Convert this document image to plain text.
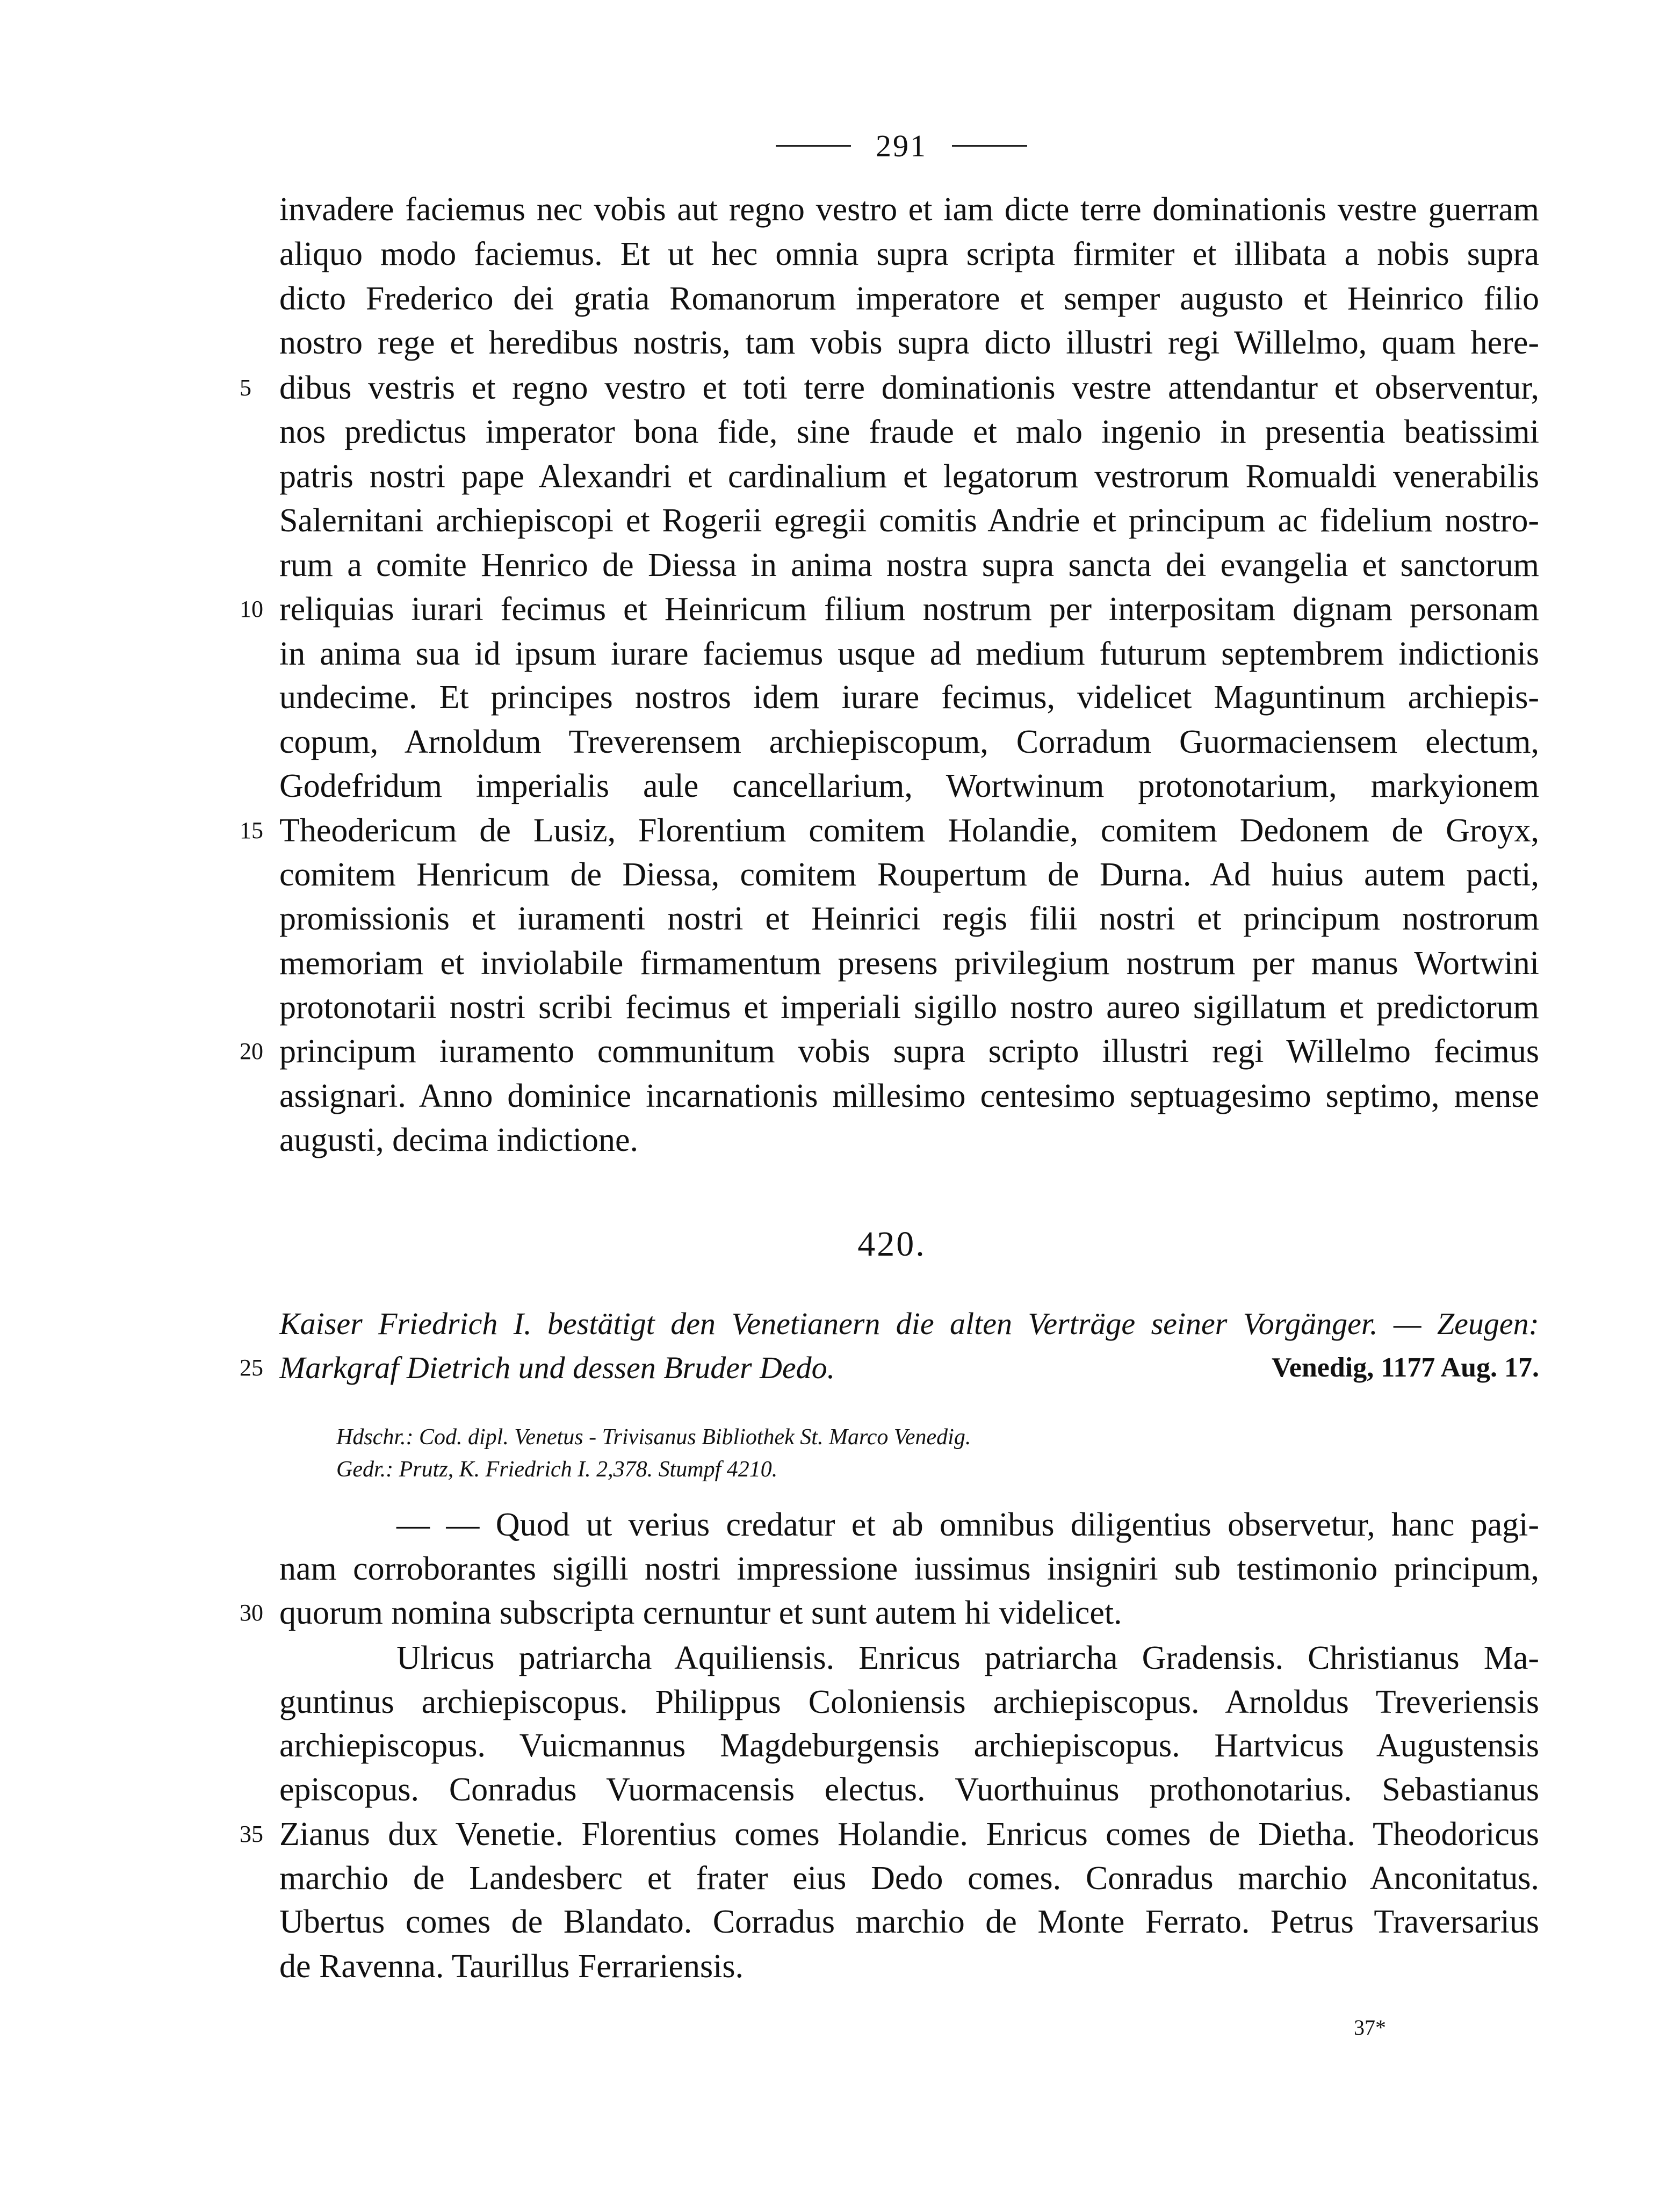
291
invadere faciemus nec vobis aut regno vestro et iam dicte terre dominationis vestre guerram
aliquo modo faciemus. Et ut hec omnia supra scripta firmiter et illibata a nobis supra
dicto Frederico dei gratia Romanorum imperatore et semper augusto et Heinrico filio
nostro rege et heredibus nostris, tam vobis supra dicto illustri regi Willelmo, quam here-
dibus vestris et regno vestro et toti terre dominationis vestre attendantur et observentur,
nos predictus imperator bona fide, sine fraude et malo ingenio in presentia beatissimi
patris nostri pape Alexandri et cardinalium et legatorum vestrorum Romualdi venerabilis
Salernitani archiepiscopi et Rogerii egregii comitis Andrie et principum ac fidelium nostro-
rum a comite Henrico de Diessa in anima nostra supra sancta dei evangelia et sanctorum
reliquias iurari fecimus et Heinricum filium nostrum per interpositam dignam personam
in anima sua id ipsum iurare faciemus usque ad medium futurum septembrem indictionis
undecime. Et principes nostros idem iurare fecimus, videlicet Maguntinum archiepis-
copum, Arnoldum Treverensem archiepiscopum, Corradum Guormaciensem electum,
Godefridum imperialis aule cancellarium, Wortwinum protonotarium, markyionem
Theodericum de Lusiz, Florentium comitem Holandie, comitem Dedonem de Groyx,
comitem Henricum de Diessa, comitem Roupertum de Durna. Ad huius autem pacti,
promissionis et iuramenti nostri et Heinrici regis filii nostri et principum nostrorum
memoriam et inviolabile firmamentum presens privilegium nostrum per manus Wortwini
protonotarii nostri scribi fecimus et imperiali sigillo nostro aureo sigillatum et predictorum
principum iuramento communitum vobis supra scripto illustri regi Willelmo fecimus
assignari. Anno dominice incarnationis millesimo centesimo septuagesimo septimo, mense
augusti, decima indictione.
5
10
15
20
420.
Kaiser Friedrich I. bestätigt den Venetianern die alten Verträge seiner Vorgänger. — Zeugen:
Markgraf Dietrich und dessen Bruder Dedo.	Venedig, 1177 Aug. 17.
25
Hdschr.: Cod. dipl. Venetus - Trivisanus Bibliothek St. Marco Venedig.
Gedr.: Prutz, K. Friedrich I. 2,378. Stumpf 4210.
— — Quod ut verius credatur et ab omnibus diligentius observetur, hanc pagi-
nam corroborantes sigilli nostri impressione iussimus insigniri sub testimonio principum,
quorum nomina subscripta cernuntur et sunt autem hi videlicet.
Ulricus patriarcha Aquiliensis. Enricus patriarcha Gradensis. Christianus Ma-
guntinus archiepiscopus. Philippus Coloniensis archiepiscopus. Arnoldus Treveriensis
archiepiscopus. Vuicmannus Magdeburgensis archiepiscopus. Hartvicus Augustensis
episcopus. Conradus Vuormacensis electus. Vuorthuinus prothonotarius. Sebastianus
Zianus dux Venetie. Florentius comes Holandie. Enricus comes de Dietha. Theodoricus
marchio de Landesberc et frater eius Dedo comes. Conradus marchio Anconitatus.
Ubertus comes de Blandato. Corradus marchio de Monte Ferrato. Petrus Traversarius
de Ravenna. Taurillus Ferrariensis.
30
35
37*
